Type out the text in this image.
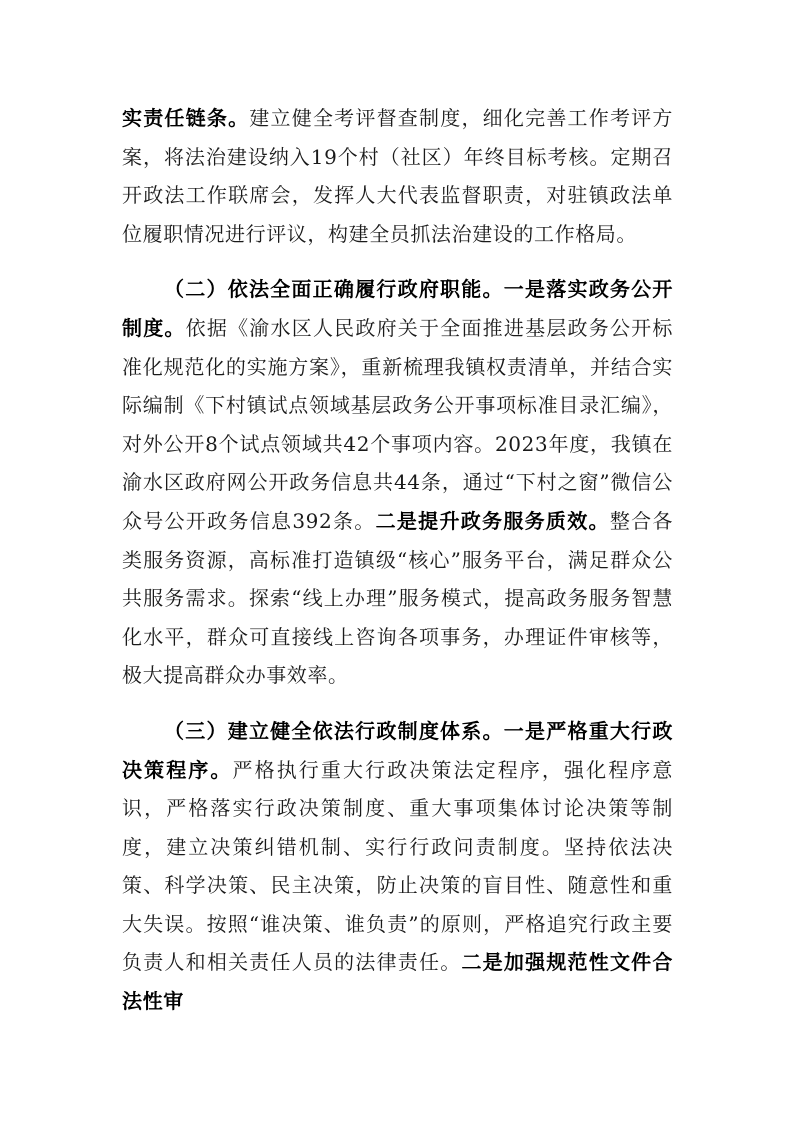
实责任链条。建立健全考评督查制度，细化完善工作考评方案，将法治建设纳入19个村（社区）年终目标考核。定期召开政法工作联席会，发挥人大代表监督职责，对驻镇政法单位履职情况进行评议，构建全员抓法治建设的工作格局。

（二）依法全面正确履行政府职能。一是落实政务公开制度。依据《渝水区人民政府关于全面推进基层政务公开标准化规范化的实施方案》，重新梳理我镇权责清单，并结合实际编制《下村镇试点领域基层政务公开事项标准目录汇编》，对外公开8个试点领域共42个事项内容。2023年度，我镇在渝水区政府网公开政务信息共44条，通过“下村之窗”微信公众号公开政务信息392条。二是提升政务服务质效。整合各类服务资源，高标准打造镇级“核心”服务平台，满足群众公共服务需求。探索“线上办理”服务模式，提高政务服务智慧化水平，群众可直接线上咨询各项事务，办理证件审核等，极大提高群众办事效率。

（三）建立健全依法行政制度体系。一是严格重大行政决策程序。严格执行重大行政决策法定程序，强化程序意识，严格落实行政决策制度、重大事项集体讨论决策等制度，建立决策纠错机制、实行行政问责制度。坚持依法决策、科学决策、民主决策，防止决策的盲目性、随意性和重大失误。按照“谁决策、谁负责”的原则，严格追究行政主要负责人和相关责任人员的法律责任。二是加强规范性文件合法性审
